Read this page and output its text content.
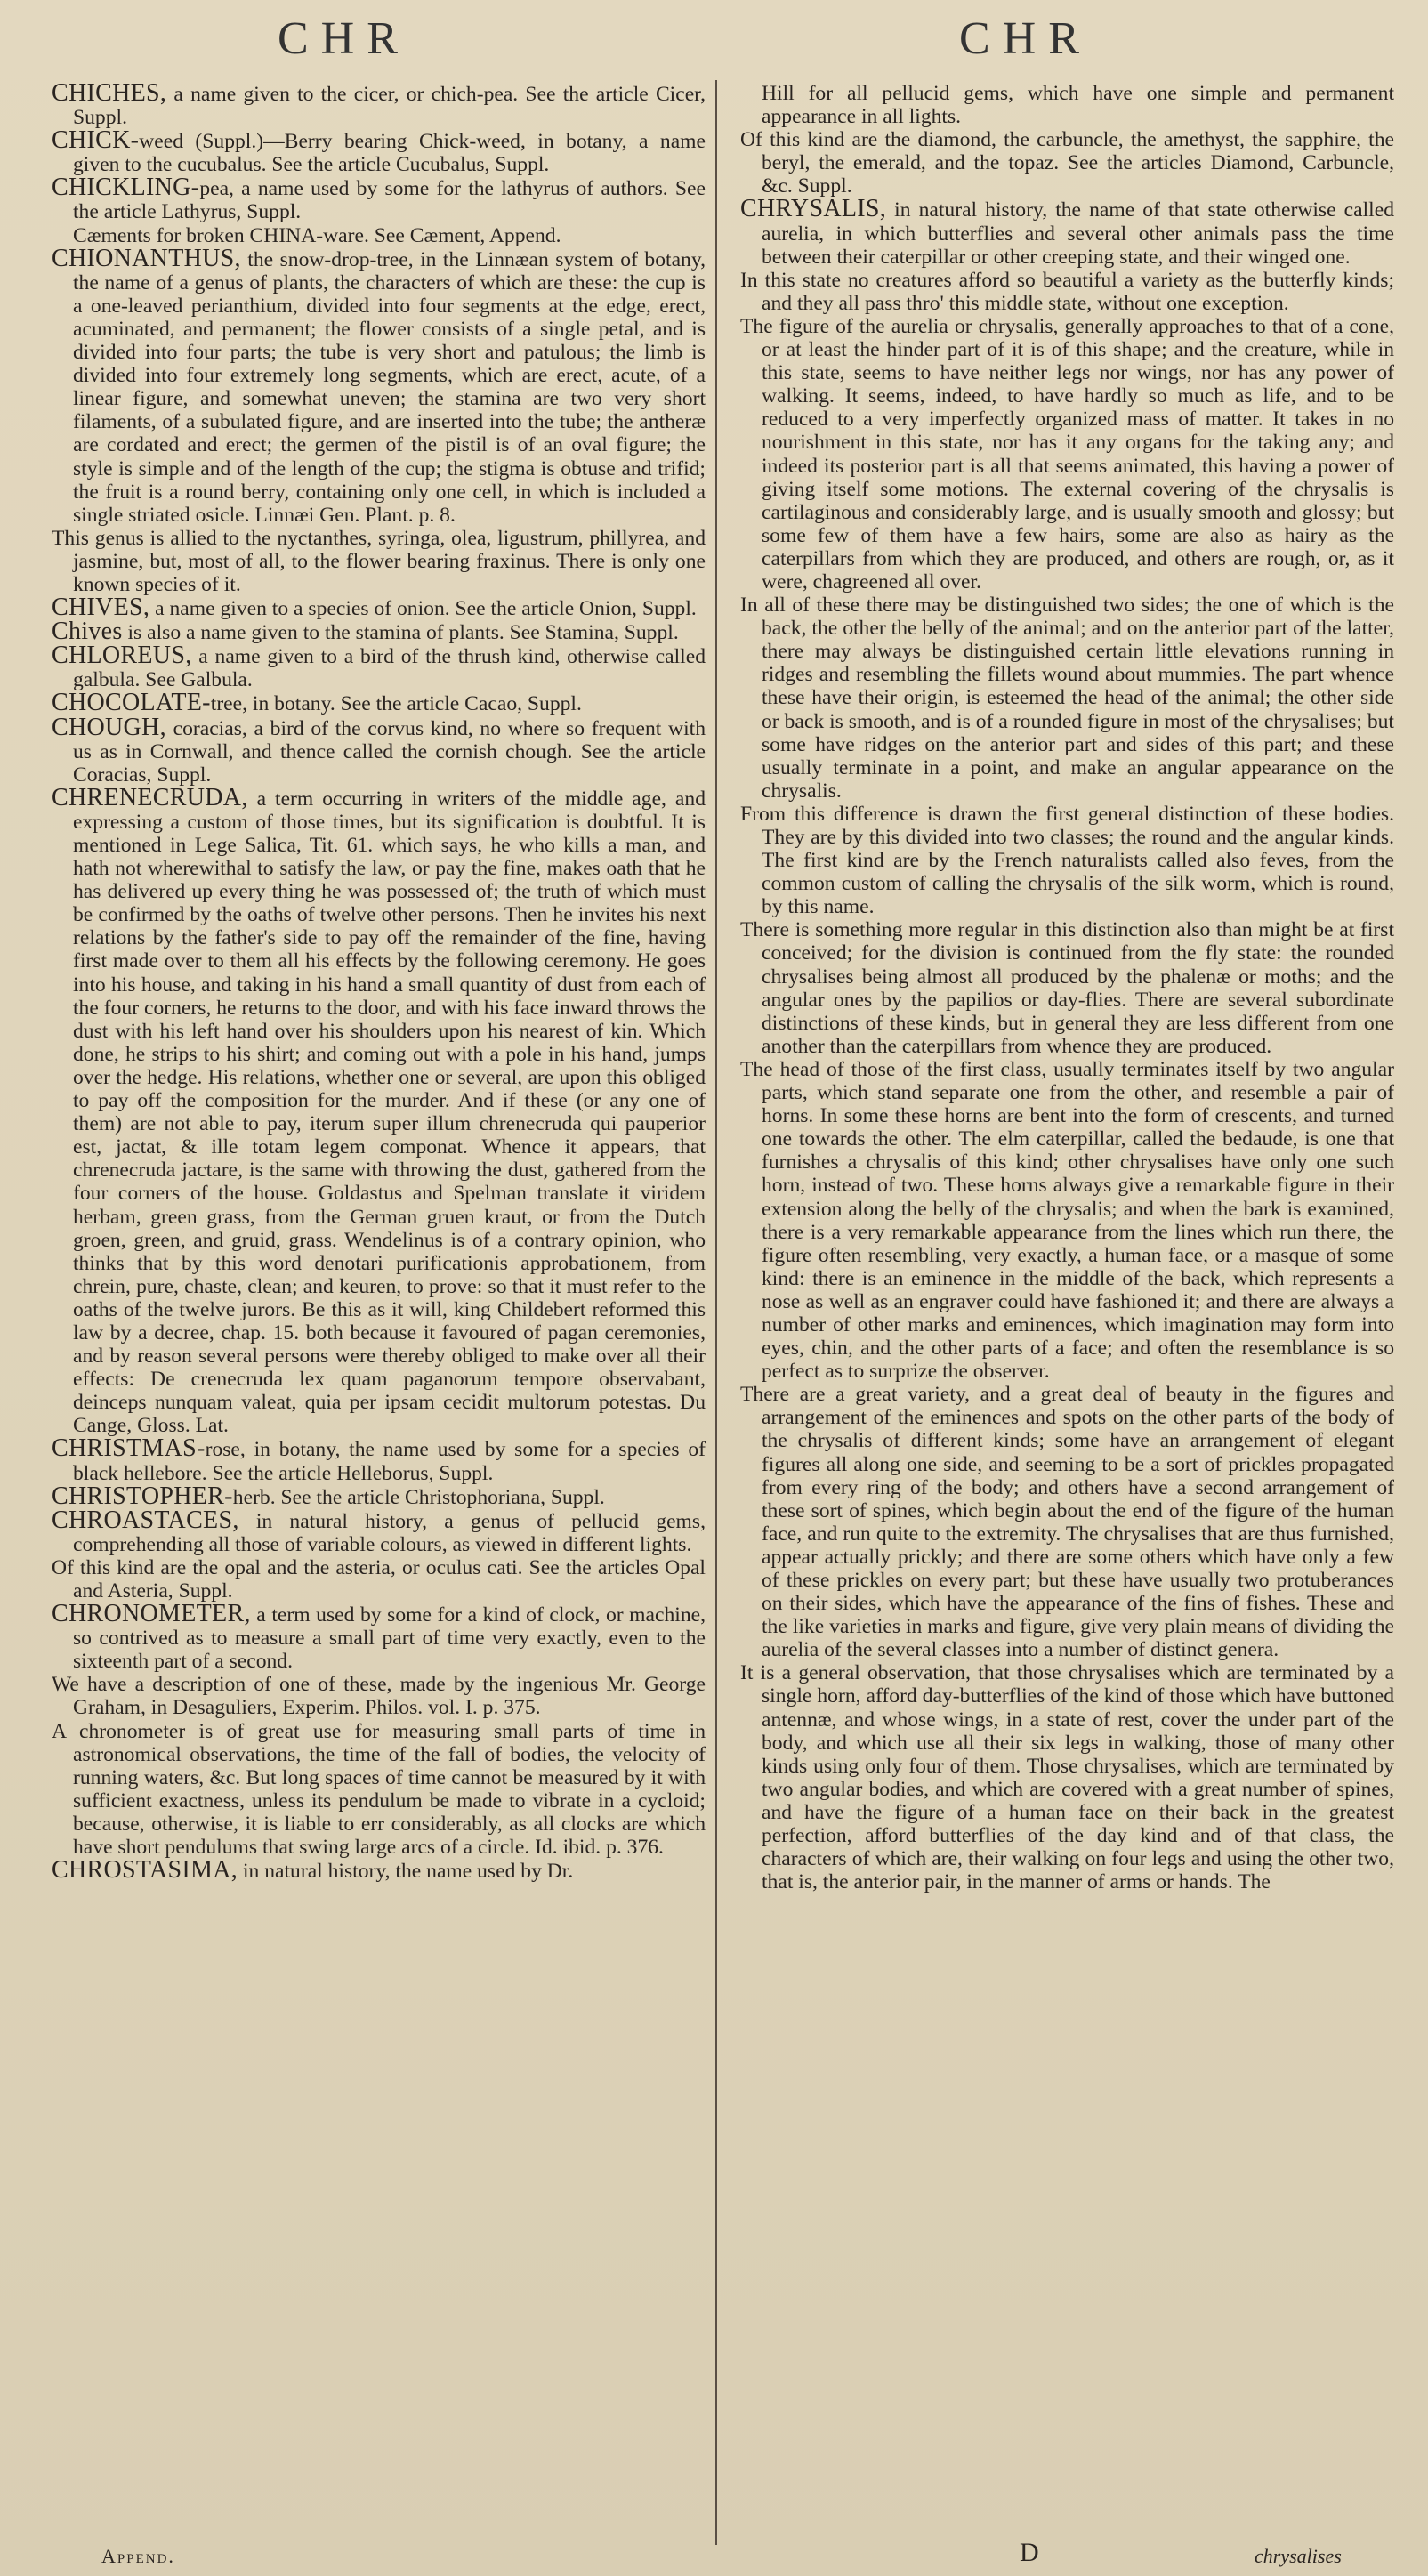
CHR	CHR
CHICHES, a name given to the cicer, or chich-pea. See the article Cicer, Suppl.
CHICK-weed (Suppl.)—Berry bearing Chick-weed, in botany, a name given to the cucubalus. See the article Cucubalus, Suppl.
CHICKLING-pea, a name used by some for the lathyrus of authors. See the article Lathyrus, Suppl.
Cæments for broken CHINA-ware. See Cæment, Append.
CHIONANTHUS, the snow-drop-tree, in the Linnæan system of botany, the name of a genus of plants, the characters of which are these: the cup is a one-leaved perianthium, divided into four segments at the edge, erect, acuminated, and permanent; the flower consists of a single petal, and is divided into four parts; the tube is very short and patulous; the limb is divided into four extremely long segments, which are erect, acute, of a linear figure, and somewhat uneven; the stamina are two very short filaments, of a subulated figure, and are inserted into the tube; the antheræ are cordated and erect; the germen of the pistil is of an oval figure; the style is simple and of the length of the cup; the stigma is obtuse and trifid; the fruit is a round berry, containing only one cell, in which is included a single striated osicle. Linnæi Gen. Plant. p. 8.
This genus is allied to the nyctanthes, syringa, olea, ligustrum, phillyrea, and jasmine, but, most of all, to the flower bearing fraxinus. There is only one known species of it.
CHIVES, a name given to a species of onion. See the article Onion, Suppl.
Chives is also a name given to the stamina of plants. See Stamina, Suppl.
CHLOREUS, a name given to a bird of the thrush kind, otherwise called galbula. See Galbula.
CHOCOLATE-tree, in botany. See the article Cacao, Suppl.
CHOUGH, coracias, a bird of the corvus kind, no where so frequent with us as in Cornwall, and thence called the cornish chough. See the article Coracias, Suppl.
CHRENECRUDA, a term occurring in writers of the middle age, and expressing a custom of those times, but its signification is doubtful. It is mentioned in Lege Salica, Tit. 61. which says, he who kills a man, and hath not wherewithal to satisfy the law, or pay the fine, makes oath that he has delivered up every thing he was possessed of; the truth of which must be confirmed by the oaths of twelve other persons. Then he invites his next relations by the father's side to pay off the remainder of the fine, having first made over to them all his effects by the following ceremony. He goes into his house, and taking in his hand a small quantity of dust from each of the four corners, he returns to the door, and with his face inward throws the dust with his left hand over his shoulders upon his nearest of kin. Which done, he strips to his shirt; and coming out with a pole in his hand, jumps over the hedge. His relations, whether one or several, are upon this obliged to pay off the composition for the murder. And if these (or any one of them) are not able to pay, iterum super illum chrenecruda qui pauperior est, jactat, & ille totam legem componat. Whence it appears, that chrenecruda jactare, is the same with throwing the dust, gathered from the four corners of the house. Goldastus and Spelman translate it viridem herbam, green grass, from the German gruen kraut, or from the Dutch groen, green, and gruid, grass. Wendelinus is of a contrary opinion, who thinks that by this word denotari purificationis approbationem, from chrein, pure, chaste, clean; and keuren, to prove: so that it must refer to the oaths of the twelve jurors. Be this as it will, king Childebert reformed this law by a decree, chap. 15. both because it favoured of pagan ceremonies, and by reason several persons were thereby obliged to make over all their effects: De crenecruda lex quam paganorum tempore observabant, deinceps nunquam valeat, quia per ipsam cecidit multorum potestas. Du Cange, Gloss. Lat.
CHRISTMAS-rose, in botany, the name used by some for a species of black hellebore. See the article Helleborus, Suppl.
CHRISTOPHER-herb. See the article Christophoriana, Suppl.
CHROASTACES, in natural history, a genus of pellucid gems, comprehending all those of variable colours, as viewed in different lights.
Of this kind are the opal and the asteria, or oculus cati. See the articles Opal and Asteria, Suppl.
CHRONOMETER, a term used by some for a kind of clock, or machine, so contrived as to measure a small part of time very exactly, even to the sixteenth part of a second.
We have a description of one of these, made by the ingenious Mr. George Graham, in Desaguliers, Experim. Philos. vol. I. p. 375.
A chronometer is of great use for measuring small parts of time in astronomical observations, the time of the fall of bodies, the velocity of running waters, &c. But long spaces of time cannot be measured by it with sufficient exactness, unless its pendulum be made to vibrate in a cycloid; because, otherwise, it is liable to err considerably, as all clocks are which have short pendulums that swing large arcs of a circle. Id. ibid. p. 376.
CHROSTASIMA, in natural history, the name used by Dr.
Hill for all pellucid gems, which have one simple and permanent appearance in all lights.
Of this kind are the diamond, the carbuncle, the amethyst, the sapphire, the beryl, the emerald, and the topaz. See the articles Diamond, Carbuncle, &c. Suppl.
CHRYSALIS, in natural history, the name of that state otherwise called aurelia, in which butterflies and several other animals pass the time between their caterpillar or other creeping state, and their winged one.
In this state no creatures afford so beautiful a variety as the butterfly kinds; and they all pass thro' this middle state, without one exception.
The figure of the aurelia or chrysalis, generally approaches to that of a cone, or at least the hinder part of it is of this shape; and the creature, while in this state, seems to have neither legs nor wings, nor has any power of walking. It seems, indeed, to have hardly so much as life, and to be reduced to a very imperfectly organized mass of matter. It takes in no nourishment in this state, nor has it any organs for the taking any; and indeed its posterior part is all that seems animated, this having a power of giving itself some motions. The external covering of the chrysalis is cartilaginous and considerably large, and is usually smooth and glossy; but some few of them have a few hairs, some are also as hairy as the caterpillars from which they are produced, and others are rough, or, as it were, chagreened all over.
In all of these there may be distinguished two sides; the one of which is the back, the other the belly of the animal; and on the anterior part of the latter, there may always be distinguished certain little elevations running in ridges and resembling the fillets wound about mummies. The part whence these have their origin, is esteemed the head of the animal; the other side or back is smooth, and is of a rounded figure in most of the chrysalises; but some have ridges on the anterior part and sides of this part; and these usually terminate in a point, and make an angular appearance on the chrysalis.
From this difference is drawn the first general distinction of these bodies. They are by this divided into two classes; the round and the angular kinds. The first kind are by the French naturalists called also feves, from the common custom of calling the chrysalis of the silk worm, which is round, by this name.
There is something more regular in this distinction also than might be at first conceived; for the division is continued from the fly state: the rounded chrysalises being almost all produced by the phalenæ or moths; and the angular ones by the papilios or day-flies. There are several subordinate distinctions of these kinds, but in general they are less different from one another than the caterpillars from whence they are produced.
The head of those of the first class, usually terminates itself by two angular parts, which stand separate one from the other, and resemble a pair of horns. In some these horns are bent into the form of crescents, and turned one towards the other. The elm caterpillar, called the bedaude, is one that furnishes a chrysalis of this kind; other chrysalises have only one such horn, instead of two. These horns always give a remarkable figure in their extension along the belly of the chrysalis; and when the bark is examined, there is a very remarkable appearance from the lines which run there, the figure often resembling, very exactly, a human face, or a masque of some kind: there is an eminence in the middle of the back, which represents a nose as well as an engraver could have fashioned it; and there are always a number of other marks and eminences, which imagination may form into eyes, chin, and the other parts of a face; and often the resemblance is so perfect as to surprize the observer.
There are a great variety, and a great deal of beauty in the figures and arrangement of the eminences and spots on the other parts of the body of the chrysalis of different kinds; some have an arrangement of elegant figures all along one side, and seeming to be a sort of prickles propagated from every ring of the body; and others have a second arrangement of these sort of spines, which begin about the end of the figure of the human face, and run quite to the extremity. The chrysalises that are thus furnished, appear actually prickly; and there are some others which have only a few of these prickles on every part; but these have usually two protuberances on their sides, which have the appearance of the fins of fishes. These and the like varieties in marks and figure, give very plain means of dividing the aurelia of the several classes into a number of distinct genera.
It is a general observation, that those chrysalises which are terminated by a single horn, afford day-butterflies of the kind of those which have buttoned antennæ, and whose wings, in a state of rest, cover the under part of the body, and which use all their six legs in walking, those of many other kinds using only four of them. Those chrysalises, which are terminated by two angular bodies, and which are covered with a great number of spines, and have the figure of a human face on their back in the greatest perfection, afford butterflies of the day kind and of that class, the characters of which are, their walking on four legs and using the other two, that is, the anterior pair, in the manner of arms or hands. The
Append.	D	chrysalises
